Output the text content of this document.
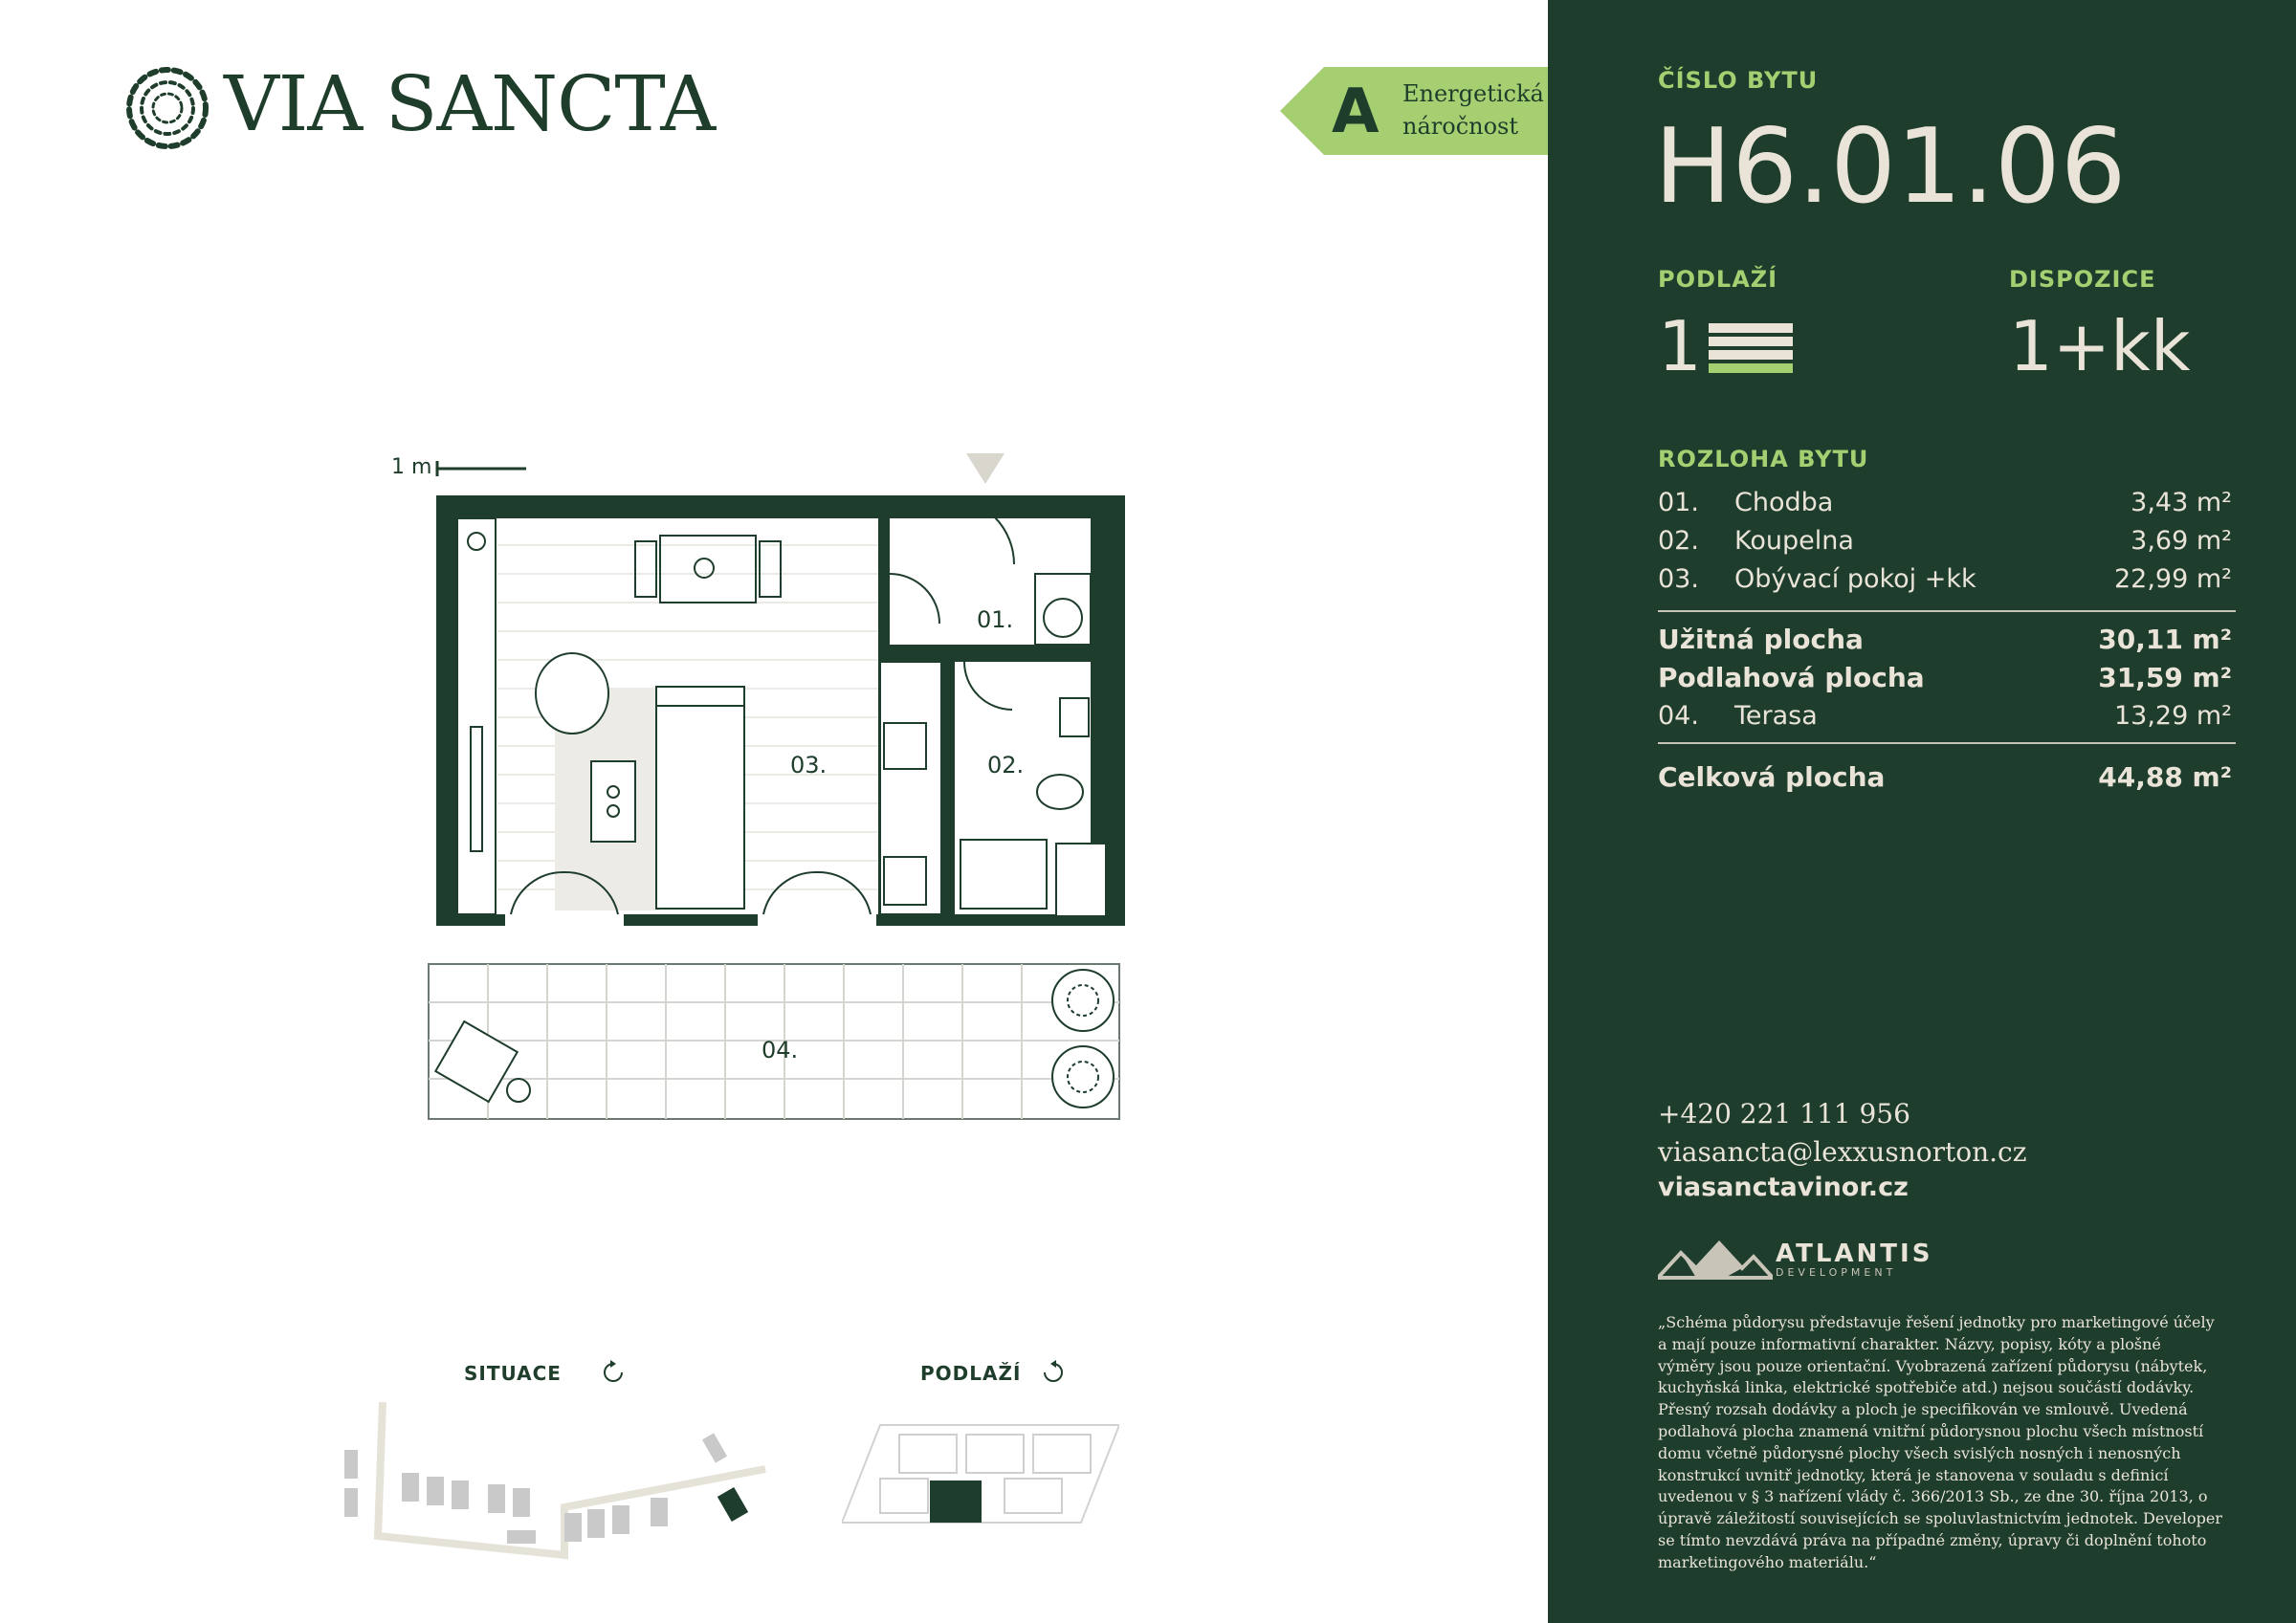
VIA SANCTA	A Energetická
náročnost
1 m
01.
02.
03.
04.
SITUACE	PODLAŽÍ
ČÍSLO BYTU
H6.01.06
PODLAŽÍ
1
DISPOZICE
1+kk
ROZLOHA BYTU
01. Chodba	3,43 m²
02. Koupelna	3,69 m²
03. Obývací pokoj +kk	22,99 m²
Užitná plocha	30,11 m²
Podlahová plocha	31,59 m²
04. Terasa	13,29 m²
Celková plocha	44,88 m²
+420 221 111 956
viasancta@lexxusnorton.cz
viasanctavinor.cz
ATLANTIS
DEVELOPMENT
„Schéma půdorysu představuje řešení jednotky pro marketingové účely a mají pouze informativní charakter. Názvy, popisy, kóty a plošné výměry jsou pouze orientační. Vyobrazená zařízení půdorysu (nábytek, kuchyňská linka, elektrické spotřebiče atd.) nejsou součástí dodávky. Přesný rozsah dodávky a ploch je specifikován ve smlouvě. Uvedená podlahová plocha znamená vnitřní půdorysnou plochu všech místností domu včetně půdorysné plochy všech svislých nosných i nenosných konstrukcí uvnitř jednotky, která je stanovena v souladu s definicí uvedenou v § 3 nařízení vlády č. 366/2013 Sb., ze dne 30. října 2013, o úpravě záležitostí souvisejících se spoluvlastnictvím jednotek. Developer se tímto nevzdává práva na případné změny, úpravy či doplnění tohoto marketingového materiálu.“
